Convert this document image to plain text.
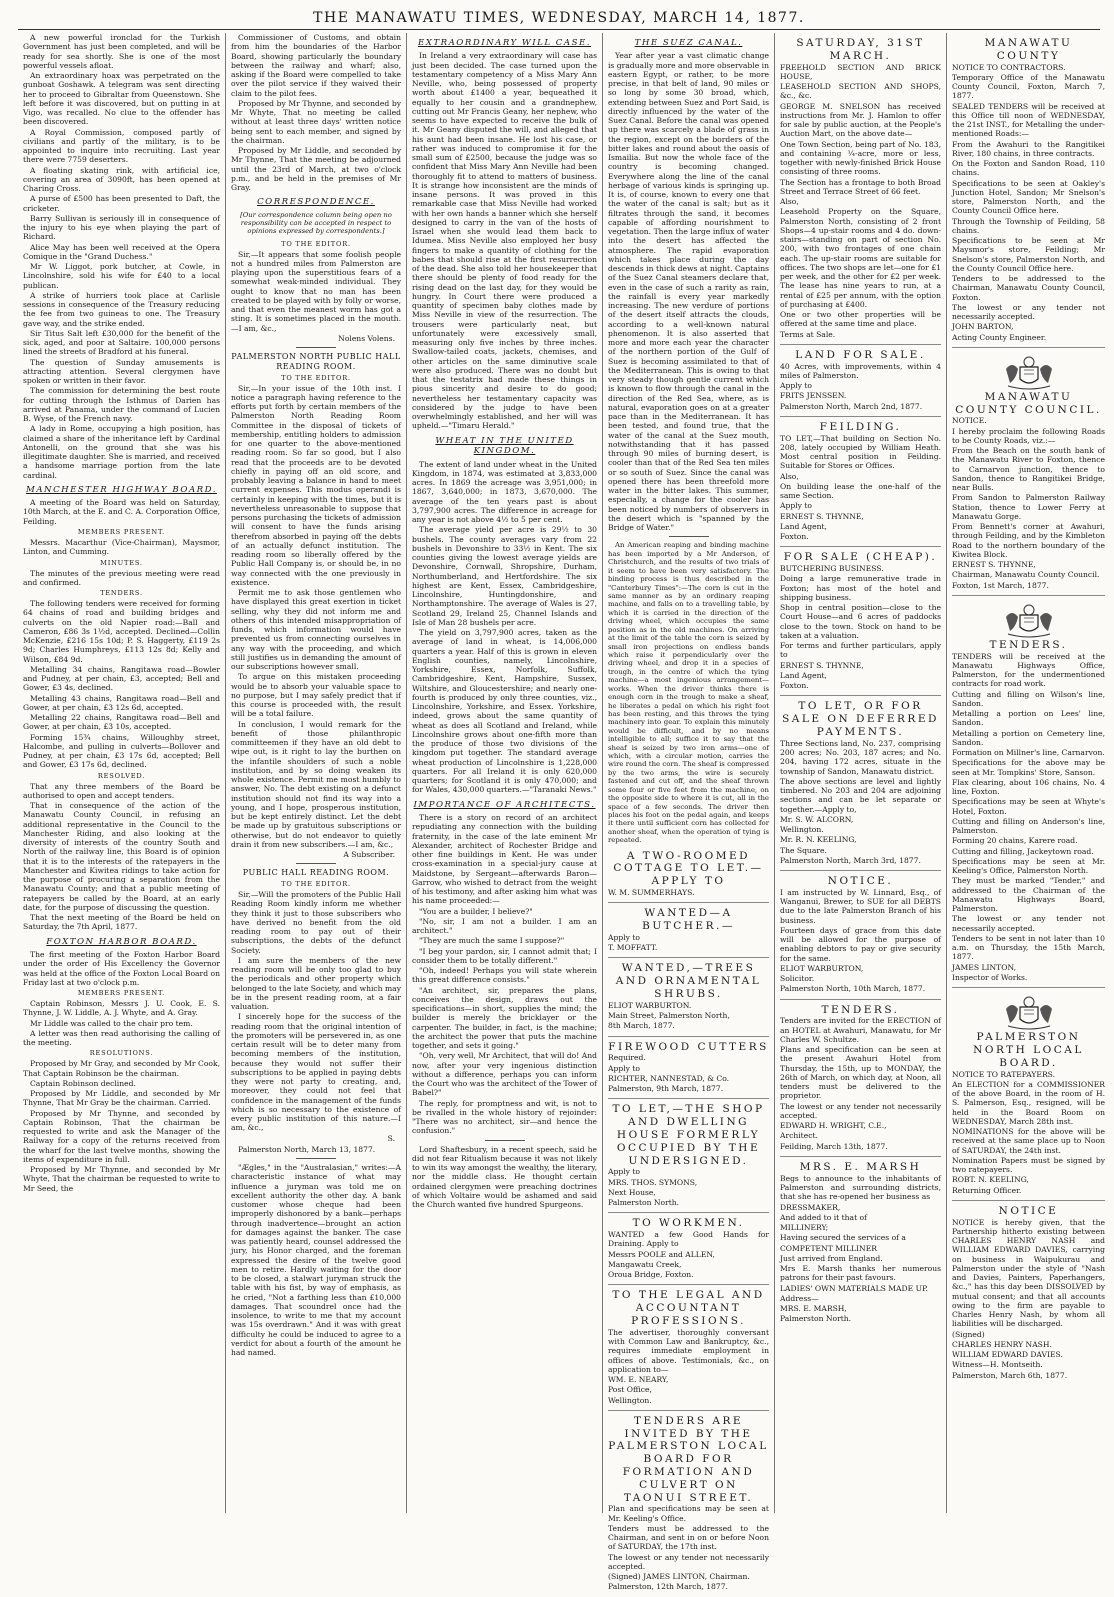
THE MANAWATU TIMES, WEDNESDAY, MARCH 14, 1877.

A new powerful ironclad for the Turkish Government has just been completed, and will be ready for sea shortly. She is one of the most powerful vessels afloat.

An extraordinary hoax was perpetrated on the gunboat Goshawk. A telegram was sent directing her to proceed to Gibraltar from Queenstown. She left before it was discovered, but on putting in at Vigo, was recalled. No clue to the offender has been discovered.

A Royal Commission, composed partly of civilians and partly of the military, is to be appointed to inquire into recruiting. Last year there were 7759 deserters.

A floating skating rink, with artificial ice, covering an area of 3090ft, has been opened at Charing Cross.

A purse of £500 has been presented to Daft, the cricketer.

Barry Sullivan is seriously ill in consequence of the injury to his eye when playing the part of Richard.

Alice May has been well received at the Opera Comique in the "Grand Duchess."

Mr W. Liggot, pork butcher, at Cowle, in Lincolnshire, sold his wife for £40 to a local publican.

A strike of hurriers took place at Carlisle sessions in consequence of the Treasury reducing the fee from two guineas to one. The Treasury gave way, and the strike ended.

Sir Titus Salt left £30,000 for the benefit of the sick, aged, and poor at Saltaire. 100,000 persons lined the streets of Bradford at his funeral.

The question of Sunday amusements is attracting attention. Several clergymen have spoken or written in their favor.

The commission for determining the best route for cutting through the Isthmus of Darien has arrived at Panama, under the command of Lucien B. Wyse, of the French navy.

A lady in Rome, occupying a high position, has claimed a share of the inheritance left by Cardinal Antonelli, on the ground that she was his illegitimate daughter. She is married, and received a handsome marriage portion from the late cardinal.

MANCHESTER HIGHWAY BOARD.

A meeting of the Board was held on Saturday, 10th March, at the E. and C. A. Corporation Office, Feilding.

MEMBERS PRESENT.

Messrs. Macarthur (Vice-Chairman), Maysmor, Linton, and Cumming.

MINUTES.

The minutes of the previous meeting were read and confirmed.

TENDERS.

The following tenders were received for forming 64 chains of road and building bridges and culverts on the old Napier road:—Ball and Cameron, £86 3s 1½d, accepted. Declined—Collin McKenzie, £216 15s 10d; P. S. Haggerty, £119 2s 9d; Charles Humphreys, £113 12s 8d; Kelly and Wilson, £84 9d.

Metalling 34 chains, Rangitawa road—Bowler and Pudney, at per chain, £3, accepted; Bell and Gower, £3 4s, declined.

Metalling 43 chains, Rangitawa road—Bell and Gower, at per chain, £3 12s 6d, accepted.

Metalling 22 chains, Rangitawa road—Bell and Gower, at per chain, £3 10s, accepted.

Forming 15¾ chains, Willoughby street, Halcombe, and pulling in culverts—Bollover and Pudney, at per chain, £3 17s 6d, accepted; Bell and Gower, £3 17s 6d, declined.

RESOLVED.

That any three members of the Board be authorised to open and accept tenders.

That in consequence of the action of the Manawatu County Council, in refusing an additional representative in the Council to the Manchester Riding, and also looking at the diversity of interests of the country South and North of the railway line, this Board is of opinion that it is to the interests of the ratepayers in the Manchester and Kiwitea ridings to take action for the purpose of procuring a separation from the Manawatu County; and that a public meeting of ratepayers be called by the Board, at an early date, for the purpose of discussing the question.

That the next meeting of the Board be held on Saturday, the 7th April, 1877.

FOXTON HARBOR BOARD.

The first meeting of the Foxton Harbor Board under the order of His Excellency the Governor was held at the office of the Foxton Local Board on Friday last at two o'clock p.m.

MEMBERS PRESENT.

Captain Robinson, Messrs J. U. Cook, E. S. Thynne, J. W. Liddle, A. J. Whyte, and A. Gray.

Mr Liddle was called to the chair pro tem.

A letter was then read authorising the calling of the meeting.

RESOLUTIONS.

Proposed by Mr Gray, and seconded by Mr Cook, That Captain Robinson be the chairman.

Captain Robinson declined.

Proposed by Mr Liddle, and seconded by Mr Thynne, That Mr Gray be the chairman. Carried.

Proposed by Mr Thynne, and seconded by Captain Robinson, That the chairman be requested to write and ask the Manager of the Railway for a copy of the returns received from the wharf for the last twelve months, showing the items of expenditure in full.

Proposed by Mr Thynne, and seconded by Mr Whyte, That the chairman be requested to write to Mr Seed, the

Commissioner of Customs, and obtain from him the boundaries of the Harbor Board, showing particularly the boundary between the railway and wharf; also, asking if the Board were compelled to take over the pilot service if they waived their claim to the pilot fees.

Proposed by Mr Thynne, and seconded by Mr Whyte, That no meeting be called without at least three days' written notice being sent to each member, and signed by the chairman.

Proposed by Mr Liddle, and seconded by Mr Thynne, That the meeting be adjourned until the 23rd of March, at two o'clock p.m., and be held in the premises of Mr Gray.

CORRESPONDENCE.
[Our correspondence column being open no responsibility can be accepted in respect to opinions expressed by correspondents.]
TO THE EDITOR.

Sir,—It appears that some foolish people not a hundred miles from Palmerston are playing upon the superstitious fears of a somewhat weak-minded individual. They ought to know that no man has been created to be played with by folly or worse, and that even the meanest worm has got a sting. It is sometimes placed in the mouth.—I am, &c.,

Nolens Volens.
PALMERSTON NORTH PUBLIC HALL READING ROOM.
TO THE EDITOR.

Sir,—In your issue of the 10th inst. I notice a paragraph having reference to the efforts put forth by certain members of the Palmerston North Reading Room Committee in the disposal of tickets of membership, entitling holders to admission for one quarter to the above-mentioned reading room. So far so good, but I also read that the proceeds are to be devoted chiefly in paying off an old score, and probably leaving a balance in hand to meet current expenses. This modus operandi is certainly in keeping with the times, but it is nevertheless unreasonable to suppose that persons purchasing the tickets of admission will consent to have the funds arising therefrom absorbed in paying off the debts of an actually defunct institution. The reading room so liberally offered by the Public Hall Company is, or should be, in no way connected with the one previously in existence.

Permit me to ask those gentlemen who have displayed this great exertion in ticket selling, why they did not inform me and others of this intended misappropriation of funds, which information would have prevented us from connecting ourselves in any way with the proceeding, and which still justifies us in demanding the amount of our subscriptions however small.

To argue on this mistaken proceeding would be to absorb your valuable space to no purpose, but I may safely predict that if this course is proceeded with, the result will be a total failure.

In conclusion, I would remark for the benefit of those philanthropic committeemen if they have an old debt to wipe out, is it right to lay the burthen on the infantile shoulders of such a noble institution, and by so doing weaken its whole existence. Permit me most humbly to answer, No. The debt existing on a defunct institution should not find its way into a young, and I hope, prosperous institution, but be kept entirely distinct. Let the debt be made up by gratuitous subscriptions or otherwise, but do not endeavor to quietly drain it from new subscribers.—I am, &c.,

A Subscriber.
PUBLIC HALL READING ROOM.
TO THE EDITOR.

Sir,—Will the promoters of the Public Hall Reading Room kindly inform me whether they think it just to those subscribers who have derived no benefit from the old reading room to pay out of their subscriptions, the debts of the defunct Society.

I am sure the members of the new reading room will be only too glad to buy the periodicals and other property which belonged to the late Society, and which may be in the present reading room, at a fair valuation.

I sincerely hope for the success of the reading room that the original intention of the promoters will be persevered in, as one certain result will be to deter many from becoming members of the institution, because they would not suffer their subscriptions to be applied in paying debts they were not party to creating, and, moreover, they could not feel that confidence in the management of the funds which is so necessary to the existence of every public institution of this nature.—I am, &c.,

S.

Palmerston North, March 13, 1877.

"Ægles," in the "Australasian," writes:—A characteristic instance of what may influence a juryman was told me on excellent authority the other day. A bank customer whose cheque had been improperly dishonored by a bank—perhaps through inadvertence—brought an action for damages against the banker. The case was patiently heard, counsel addressed the jury, his Honor charged, and the foreman expressed the desire of the twelve good men to retire. Hardly waiting for the door to be closed, a stalwart juryman struck the table with his fist, by way of emphasis, as he cried, "Not a farthing less than £10,000 damages. That scoundrel once had the insolence, to write to me that my account was 15s overdrawn." And it was with great difficulty he could be induced to agree to a verdict for about a fourth of the amount he had named.

EXTRAORDINARY WILL CASE.

In Ireland a very extraordinary will case has just been decided. The case turned upon the testamentary competency of a Miss Mary Ann Neville, who, being possessed of property worth about £1400 a year, bequeathed it equally to her cousin and a grandnephew, cutting out Mr Francis Geany, her nephew, who seems to have expected to receive the bulk of it. Mr Geany disputed the will, and alleged that his aunt had been insane. He lost his case, or rather was induced to compromise it for the small sum of £2500, because the judge was so confident that Miss Mary Ann Neville had been thoroughly fit to attend to matters of business. It is strange how inconsistent are the minds of insane persons. It was proved in this remarkable case that Miss Neville had worked with her own hands a banner which she herself designed to carry in the van of the hosts of Israel when she would lead them back to Idumea. Miss Neville also employed her busy fingers to make a quantity of clothing for the babes that should rise at the first resurrection of the dead. She also told her housekeeper that there should be plenty of food ready for the rising dead on the last day, for they would be hungry. In Court there were produced a quantity of specimen baby clothes made by Miss Neville in view of the resurrection. The trousers were particularly neat, but unfortunately were excessively small, measuring only five inches by three inches. Swallow-tailed coats, jackets, chemises, and other articles on the same diminutive scale were also produced. There was no doubt but that the testatrix had made these things in pious sincerity and desire to do good; nevertheless her testamentary capacity was considered by the judge to have been overwhelmingly established, and her will was upheld.—"Timaru Herald."

WHEAT IN THE UNITED KINGDOM.

The extent of land under wheat in the United Kingdom, in 1874, was estimated at 3,833,000 acres. In 1869 the acreage was 3,951,000; in 1867, 3,640,000; in 1873, 3,670,000. The average of the ten years past is about 3,797,900 acres. The difference in acreage for any year is not above 4½ to 5 per cent.

The average yield per acre is 29½ to 30 bushels. The county averages vary from 22 bushels in Devonshire to 33½ in Kent. The six counties giving the lowest average yields are Devonshire, Cornwall, Shropshire, Durham, Northumberland, and Hertfordshire. The six highest are Kent, Essex, Cambridgeshire, Lincolnshire, Huntingdonshire, and Northamptonshire. The average of Wales is 27, Scotland 29, Ireland 25, Channel Islands and Isle of Man 28 bushels per acre.

The yield on 3,797,900 acres, taken as the average of land in wheat, is 14,006,000 quarters a year. Half of this is grown in eleven English counties, namely, Lincolnshire, Yorkshire, Essex, Norfolk, Suffolk, Cambridgeshire, Kent, Hampshire, Sussex, Wiltshire, and Gloucestershire; and nearly one-fourth is produced by only three counties, viz., Lincolnshire, Yorkshire, and Essex. Yorkshire, indeed, grows about the same quantity of wheat as does all Scotland and Ireland, while Lincolnshire grows about one-fifth more than the produce of those two divisions of the kingdom put together. The standard average wheat production of Lincolnshire is 1,228,000 quarters. For all Ireland it is only 620,000 quarters; for Scotland it is only 470,000; and for Wales, 430,000 quarters.—"Taranaki News."

IMPORTANCE OF ARCHITECTS.

There is a story on record of an architect repudiating any connection with the building fraternity, in the case of the late eminent Mr Alexander, architect of Rochester Bridge and other fine buildings in Kent. He was under cross-examination in a special-jury cause at Maidstone, by Sergeant—afterwards Baron—Garrow, who wished to detract from the weight of his testimony, and after asking him what was his name proceeded:—

"You are a builder, I believe?"

"No, sir, I am not a builder. I am an architect."

"They are much the same I suppose?"

"I beg your pardon, sir, I cannot admit that; I consider them to be totally different."

"Oh, indeed! Perhaps you will state wherein this great difference consists."

"An architect, sir, prepares the plans, conceives the design, draws out the specifications—in short, supplies the mind; the builder is merely the bricklayer or the carpenter. The builder, in fact, is the machine; the architect the power that puts the machine together, and sets it going."

"Oh, very well, Mr Architect, that will do! And now, after your very ingenious distinction without a difference, perhaps you can inform the Court who was the architect of the Tower of Babel?"

The reply, for promptness and wit, is not to be rivalled in the whole history of rejoinder: "There was no architect, sir—and hence the confusion."

Lord Shaftesbury, in a recent speech, said he did not fear Ritualism because it was not likely to win its way amongst the wealthy, the literary, nor the middle class. He thought certain ordained clergymen were preaching doctrines of which Voltaire would be ashamed and said the Church wanted five hundred Spurgeons.

THE SUEZ CANAL.

Year after year a vast climatic change is gradually more and more observable in eastern Egypt, or rather, to be more precise, in that belt of land, 90 miles or so long by some 30 broad, which, extending between Suez and Port Said, is directly influenced by the water of the Suez Canal. Before the canal was opened up there was scarcely a blade of grass in the region, except on the borders of the bitter lakes and round about the oasis of Ismailia. But now the whole face of the country is becoming changed. Everywhere along the line of the canal herbage of various kinds is springing up. It is, of course, known to every one that the water of the canal is salt; but as it filtrates through the sand, it becomes capable of affording nourishment to vegetation. Then the large influx of water into the desert has affected the atmosphere. The rapid evaporation which takes place during the day descends in thick dews at night. Captains of the Suez Canal steamers declare that, even in the case of such a rarity as rain, the rainfall is every year markedly increasing. The new verdure of portions of the desert itself attracts the clouds, according to a well-known natural phenomenon. It is also asserted that more and more each year the character of the northern portion of the Gulf of Suez is becoming assimilated to that of the Mediterranean. This is owing to that very steady though gentle current which is known to flow through the canal in the direction of the Red Sea, where, as is natural, evaporation goes on at a greater pace than in the Mediterranean. It has been tested, and found true, that the water of the canal at the Suez mouth, notwithstanding that it has passed through 90 miles of burning desert, is cooler than that of the Red Sea ten miles or so south of Suez. Since the canal was opened there has been threefold more water in the bitter lakes. This summer, especially, a change for the cooler has been noticed by numbers of observers in the desert which is "spanned by the Bridge of Water."

An American reaping and binding machine has been imported by a Mr Anderson, of Christchurch, and the results of two trials of it seem to have been very satisfactory. The binding process is thus described in the "Canterbury Times":—The corn is cut in the same manner as by an ordinary reaping machine, and falls on to a travelling table, by which it is carried in the direction of the driving wheel, which occupies the same position as in the old machines. On arriving at the limit of the table the corn is seized by small iron projections on endless bands which raise it perpendicularly over the driving wheel, and drop it in a species of trough, in the centre of which the tying machine—a most ingenious arrangement—works. When the driver thinks there is enough corn in the trough to make a sheaf, he liberates a pedal on which his right foot has been resting, and this throws the tying machinery into gear. To explain this minutely would be difficult, and by no means intelligible to all; suffice it to say that the sheaf is seized by two iron arms—one of which, with a circular motion, carries the wire round the corn. The sheaf is compressed by the two arms, the wire is securely fastened and cut off, and the sheaf thrown some four or five feet from the machine, on the opposite side to where it is cut, all in the space of a few seconds. The driver then places his foot on the pedal again, and keeps it there until sufficient corn has collected for another sheaf, when the operation of tying is repeated.

A TWO-ROOMED COTTAGE TO LET.—APPLY TO

W. M. SUMMERHAYS.

WANTED—A BUTCHER.—

Apply to

T. MOFFATT.

WANTED,—TREES AND ORNAMENTAL SHRUBS.

ELIOT WARBURTON.

Main Street, Palmerston North,

8th March, 1877.

FIREWOOD CUTTERS

Required.

Apply to

RICHTER, NANNESTAD, & Co.

Palmerston, 9th March, 1877.

TO LET,—THE SHOP AND DWELLING HOUSE FORMERLY OCCUPIED BY THE UNDERSIGNED.

Apply to

MRS. THOS. SYMONS,

Next House,

Palmerston North.

TO WORKMEN.

WANTED a few Good Hands for Draining. Apply to

Messrs POOLE and ALLEN,

Mangawatu Creek,

Oroua Bridge, Foxton.

TO THE LEGAL AND ACCOUNTANT PROFESSIONS.

The advertiser, thoroughly conversant with Common Law and Bankruptcy, &c., requires immediate employment in offices of above. Testimonials, &c., on application to—

WM. E. NEARY,

Post Office,

Wellington.

TENDERS ARE INVITED BY THE PALMERSTON LOCAL BOARD FOR FORMATION AND CULVERT ON TAONUI STREET.

Plan and specifications may be seen at Mr. Keeling's Office.

Tenders must be addressed to the Chairman, and sent in on or before Noon of SATURDAY, the 17th inst.

The lowest or any tender not necessarily accepted.

(Signed) JAMES LINTON, Chairman.

Palmerston, 12th March, 1877.

SATURDAY, 31ST MARCH.

FREEHOLD SECTION AND BRICK HOUSE,

LEASEHOLD SECTION AND SHOPS, &c., &c.

GEORGE M. SNELSON has received instructions from Mr. J. Hamlon to offer for sale by public auction, at the People's Auction Mart, on the above date—

One Town Section, being part of No. 183, and containing ¼-acre, more or less, together with newly-finished Brick House consisting of three rooms.

The Section has a frontage to both Broad Street and Terrace Street of 66 feet.

Also,

Leasehold Property on the Square, Palmerston North, consisting of 2 front Shops—4 up-stair rooms and 4 do. down-stairs—standing on part of section No. 200, with two frontages of one chain each. The up-stair rooms are suitable for offices. The two shops are let—one for £1 per week, and the other for £2 per week. The lease has nine years to run, at a rental of £25 per annum, with the option of purchasing at £400.

One or two other properties will be offered at the same time and place.

Terms at Sale.

LAND FOR SALE.

40 Acres, with improvements, within 4 miles of Palmerston.

Apply to

FRITS JENSSEN.

Palmerston North, March 2nd, 1877.

FEILDING.

TO LET,—That building on Section No. 208, lately occupied by William Heath. Most central position in Feilding. Suitable for Stores or Offices.

Also,

On building lease the one-half of the same Section.

Apply to

ERNEST S. THYNNE,

Land Agent,

Foxton.

FOR SALE (CHEAP).

BUTCHERING BUSINESS.

Doing a large remunerative trade in Foxton; has most of the hotel and shipping business.

Shop in central position—close to the Court House—and 6 acres of paddocks close to the town. Stock on hand to be taken at a valuation.

For terms and further particulars, apply to

ERNEST S. THYNNE,

Land Agent,

Foxton.

TO LET, OR FOR SALE ON DEFERRED PAYMENTS.

Three Sections land, No. 237, comprising 200 acres; No. 203, 187 acres; and No. 204, having 172 acres, situate in the township of Sandon, Manawatu district.

The above sections are level and lightly timbered. No 203 and 204 are adjoining sections and can be let separate or together.—Apply to,

Mr. S. W. ALCORN,

Wellington.

Mr. R. N. KEELING,

The Square.

Palmerston North, March 3rd, 1877.

NOTICE.

I am instructed by W. Linnard, Esq., of Wanganui, Brewer, to SUE for all DEBTS due to the late Palmerston Branch of his business.

Fourteen days of grace from this date will be allowed for the purpose of enabling debtors to pay or give security for the same.

ELIOT WARBURTON,

Solicitor.

Palmerston North, 10th March, 1877.

TENDERS.

Tenders are invited for the ERECTION of an HOTEL at Awahuri, Manawatu, for Mr Charles W. Schultze.

Plans and specification can be seen at the present Awahuri Hotel from Thursday, the 15th, up to MONDAY, the 26th of March, on which day, at Noon, all tenders must be delivered to the proprietor.

The lowest or any tender not necessarily accepted.

EDWARD H. WRIGHT, C.E.,

Architect.

Feilding, March 13th, 1877.

MRS. E. MARSH

Begs to announce to the inhabitants of Palmerston and surrounding districts, that she has re-opened her business as

DRESSMAKER,

And added to it that of

MILLINERY;

Having secured the services of a

COMPETENT MILLINER

Just arrived from England.

Mrs E. Marsh thanks her numerous patrons for their past favours.

LADIES' OWN MATERIALS MADE UP.

Address—

MRS. E. MARSH,

Palmerston North.

MANAWATU COUNTY

NOTICE TO CONTRACTORS.

Temporary Office of the Manawatu County Council, Foxton, March 7, 1877.

SEALED TENDERS will be received at this Office till noon of WEDNESDAY, the 21st INST., for Metalling the under-mentioned Roads:—

From the Awahuri to the Rangitikei River, 180 chains, in three contracts.

On the Foxton and Sandon Road, 110 chains.

Specifications to be seen at Oakley's Junction Hotel, Sandon; Mr Snelson's store, Palmerston North, and the County Council Office here.

Through the Township of Feilding, 58 chains.

Specifications to be seen at Mr Maysmor's store, Feilding; Mr Snelson's store, Palmerston North, and the County Council Office here.

Tenders to be addressed to the Chairman, Manawatu County Council, Foxton.

The lowest or any tender not necessarily accepted.

JOHN BARTON,

Acting County Engineer.

MANAWATU COUNTY COUNCIL.

NOTICE.

I hereby proclaim the following Roads to be County Roads, viz.:—

From the Beach on the south bank of the Manawatu River to Foxton, thence to Carnarvon junction, thence to Sandon, thence to Rangitikei Bridge, near Bulls.

From Sandon to Palmerston Railway Station, thence to Lower Ferry at Manawatu Gorge.

From Bennett's corner at Awahuri, through Feilding, and by the Kimbleton Road to the northern boundary of the Kiwitea Block.

ERNEST S. THYNNE,

Chairman, Manawatu County Council.

Foxton, 1st March, 1877.

TENDERS.

TENDERS will be received at the Manawatu Highways Office, Palmerston, for the undermentioned contracts for road work.

Cutting and filling on Wilson's line, Sandon.

Metalling a portion on Lees' line, Sandon.

Metalling a portion on Cemetery line, Sandon.

Formation on Millner's line, Carnarvon.

Specifications for the above may be seen at Mr. Tompkins' Store, Sanson.

Flax clearing, about 106 chains, No. 4 line, Foxton.

Specifications may be seen at Whyte's Hotel, Foxton.

Cutting and filling on Anderson's line, Palmerston.

Forming 20 chains, Karere road.

Cutting and filling, Jackeytown road.

Specifications may be seen at Mr. Keeling's Office, Palmerston North.

They must be marked "Tender," and addressed to the Chairman of the Manawatu Highways Board, Palmerston.

The lowest or any tender not necessarily accepted.

Tenders to be sent in not later than 10 a.m. on Thursday, the 15th March, 1877.

JAMES LINTON,

Inspector of Works.

PALMERSTON NORTH LOCAL BOARD.

NOTICE TO RATEPAYERS.

An ELECTION for a COMMISSIONER of the above Board, in the room of H. S. Palmerson, Esq., resigned, will be held in the Board Room on WEDNESDAY, March 28th inst.

NOMINATIONS for the above will be received at the same place up to Noon of SATURDAY, the 24th inst.

Nomination Papers must be signed by two ratepayers.

ROBT. N. KEELING,

Returning Officer.

NOTICE

NOTICE is hereby given, that the Partnership hitherto existing between CHARLES HENRY NASH and WILLIAM EDWARD DAVIES, carrying on business in Waipukurau and Palmerston under the style of "Nash and Davies, Painters, Paperhangers, &c.," has this day been DISSOLVED by mutual consent; and that all accounts owing to the firm are payable to Charles Henry Nash, by whom all liabilities will be discharged.

(Signed)

CHARLES HENRY NASH.

WILLIAM EDWARD DAVIES.

Witness—H. Montseith.

Palmerston, March 6th, 1877.
